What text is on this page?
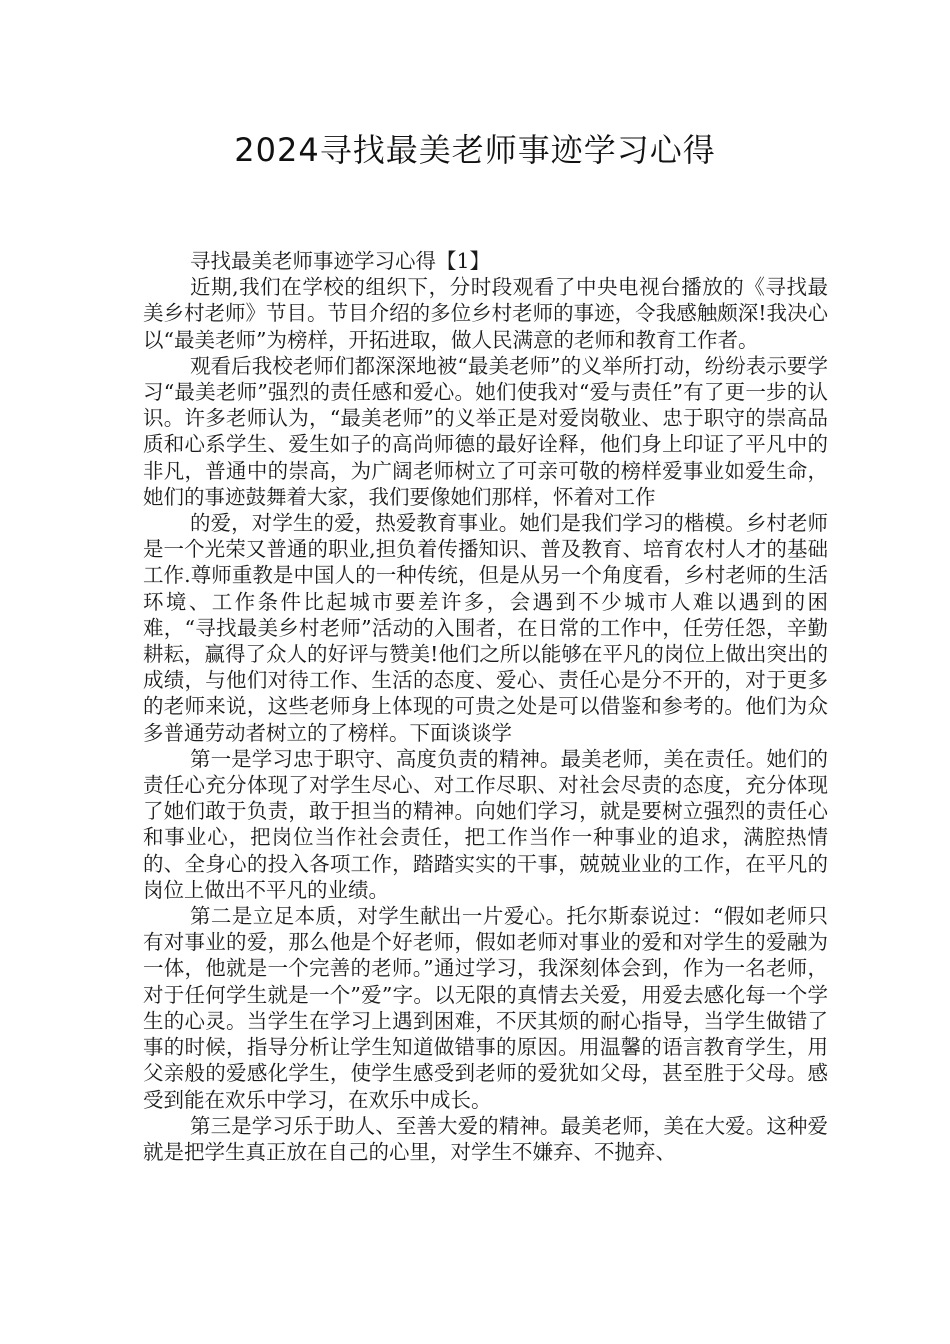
2024寻找最美老师事迹学习心得

寻找最美老师事迹学习心得【1】

近期,我们在学校的组织下，分时段观看了中央电视台播放的《寻找最美乡村老师》节目。节目介绍的多位乡村老师的事迹，令我感触颇深!我决心以“最美老师”为榜样，开拓进取，做人民满意的老师和教育工作者。

观看后我校老师们都深深地被“最美老师”的义举所打动，纷纷表示要学习“最美老师”强烈的责任感和爱心。她们使我对“爱与责任”有了更一步的认识。许多老师认为，“最美老师”的义举正是对爱岗敬业、忠于职守的崇高品质和心系学生、爱生如子的高尚师德的最好诠释，他们身上印证了平凡中的非凡，普通中的崇高，为广阔老师树立了可亲可敬的榜样爱事业如爱生命，她们的事迹鼓舞着大家，我们要像她们那样，怀着对工作

的爱，对学生的爱，热爱教育事业。她们是我们学习的楷模。乡村老师是一个光荣又普通的职业,担负着传播知识、普及教育、培育农村人才的基础工作.尊师重教是中国人的一种传统，但是从另一个角度看，乡村老师的生活环境、工作条件比起城市要差许多，会遇到不少城市人难以遇到的困难，“寻找最美乡村老师”活动的入围者，在日常的工作中，任劳任怨，辛勤耕耘，赢得了众人的好评与赞美!他们之所以能够在平凡的岗位上做出突出的成绩，与他们对待工作、生活的态度、爱心、责任心是分不开的，对于更多的老师来说，这些老师身上体现的可贵之处是可以借鉴和参考的。他们为众多普通劳动者树立的了榜样。下面谈谈学

第一是学习忠于职守、高度负责的精神。最美老师，美在责任。她们的责任心充分体现了对学生尽心、对工作尽职、对社会尽责的态度，充分体现了她们敢于负责，敢于担当的精神。向她们学习，就是要树立强烈的责任心和事业心，把岗位当作社会责任，把工作当作一种事业的追求，满腔热情的、全身心的投入各项工作，踏踏实实的干事，兢兢业业的工作，在平凡的岗位上做出不平凡的业绩。

第二是立足本质，对学生献出一片爱心。托尔斯泰说过：“假如老师只有对事业的爱，那么他是个好老师，假如老师对事业的爱和对学生的爱融为一体，他就是一个完善的老师。”通过学习，我深刻体会到，作为一名老师，对于任何学生就是一个”爱”字。以无限的真情去关爱，用爱去感化每一个学生的心灵。当学生在学习上遇到困难，不厌其烦的耐心指导，当学生做错了事的时候，指导分析让学生知道做错事的原因。用温馨的语言教育学生，用父亲般的爱感化学生，使学生感受到老师的爱犹如父母，甚至胜于父母。感受到能在欢乐中学习，在欢乐中成长。

第三是学习乐于助人、至善大爱的精神。最美老师，美在大爱。这种爱就是把学生真正放在自己的心里，对学生不嫌弃、不抛弃、
